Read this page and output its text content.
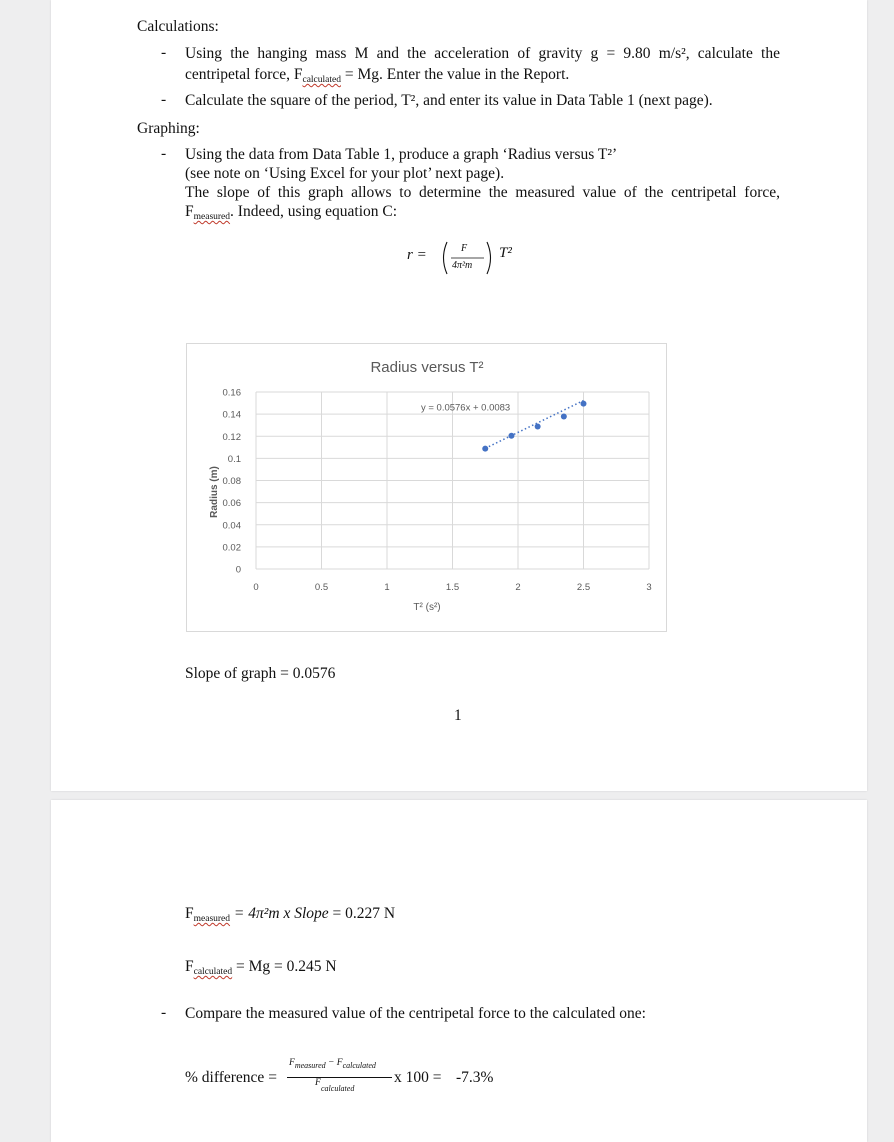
Calculations:
- Using the hanging mass M and the acceleration of gravity g = 9.80 m/s², calculate the
centripetal force, $F_{calculated} = Mg$. Enter the value in the Report.
- Calculate the square of the period, T², and enter its value in Data Table 1 (next page).
Graphing:
- Using the data from Data Table 1, produce a graph ‘Radius versus T²’
(see note on ‘Using Excel for your plot’ next page).
The slope of this graph allows to determine the measured value of the centripetal force,
$F_{measured}$. Indeed, using equation C:
r =	F
4π²m
T²
Radius versus T²
0
0.02
0.04
0.06
0.08
0.1
0.12
0.14
0.16
0	0.5	1	1.5	2	2.5	3
T² (s²)
Radius (m)
y = 0.0576x + 0.0083
Slope of graph = 0.0576
1
$F_{measured} = 4\pi^2m$ x Slope = 0.227 N
$F_{calculated} = Mg = 0.245$ N
- Compare the measured value of the centripetal force to the calculated one:
% difference =
$F_{measured} - F_{calculated}$
F
$^{calculated}$
x 100 = -7.3%
